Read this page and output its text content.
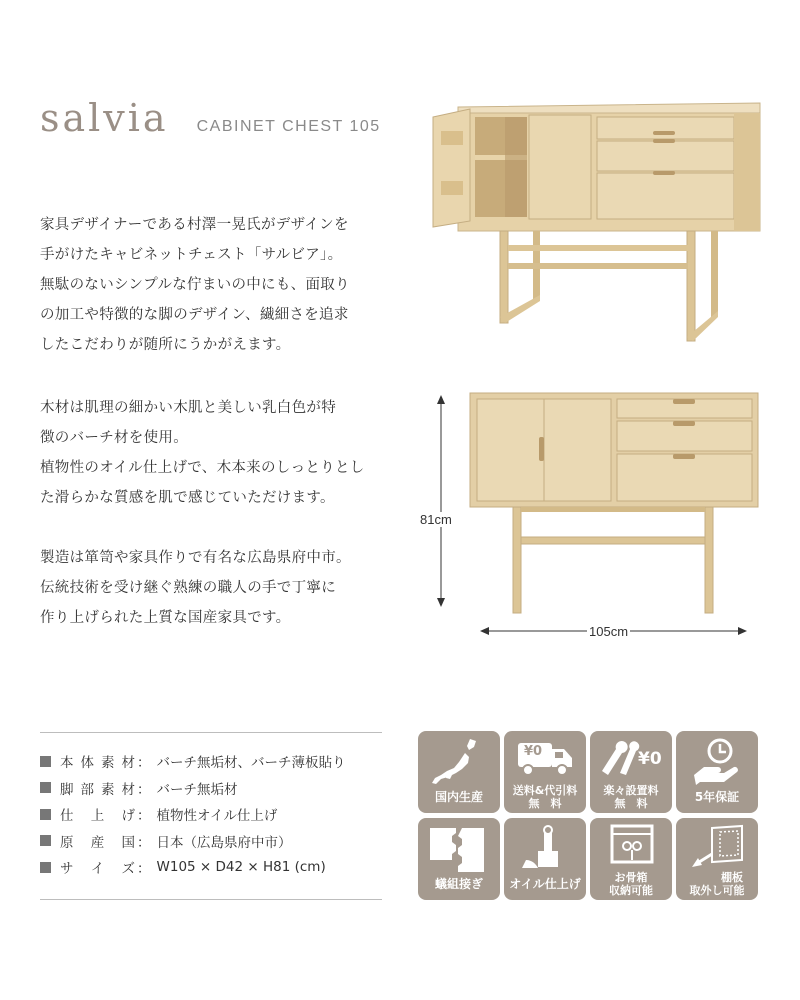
salvia CABINET CHEST 105

家具デザイナーである村澤一晃氏がデザインを

手がけたキャビネットチェスト「サルビア」。

無駄のないシンプルな佇まいの中にも、面取り

の加工や特徴的な脚のデザイン、繊細さを追求

したこだわりが随所にうかがえます。

木材は肌理の細かい木肌と美しい乳白色が特

徴のバーチ材を使用。

植物性のオイル仕上げで、木本来のしっとりとし

た滑らかな質感を肌で感じていただけます。

製造は箪笥や家具作りで有名な広島県府中市。

伝統技術を受け継ぐ熟練の職人の手で丁寧に

作り上げられた上質な国産家具です。

81cm
105cm
本 体 素 材 ： バーチ無垢材、バーチ薄板貼り
脚 部 素 材 ： バーチ無垢材
仕 上 げ ： 植物性オイル仕上げ
原 産 国 ： 日本（広島県府中市）
サ イ ズ ： W105 × D42 × H81 (cm)
国内生産
¥0
送料&代引料
無　料
¥0
楽々設置料
無　料	5年保証
蟻組接ぎ	オイル仕上げ	お骨箱
収納可能
棚板
取外し可能
